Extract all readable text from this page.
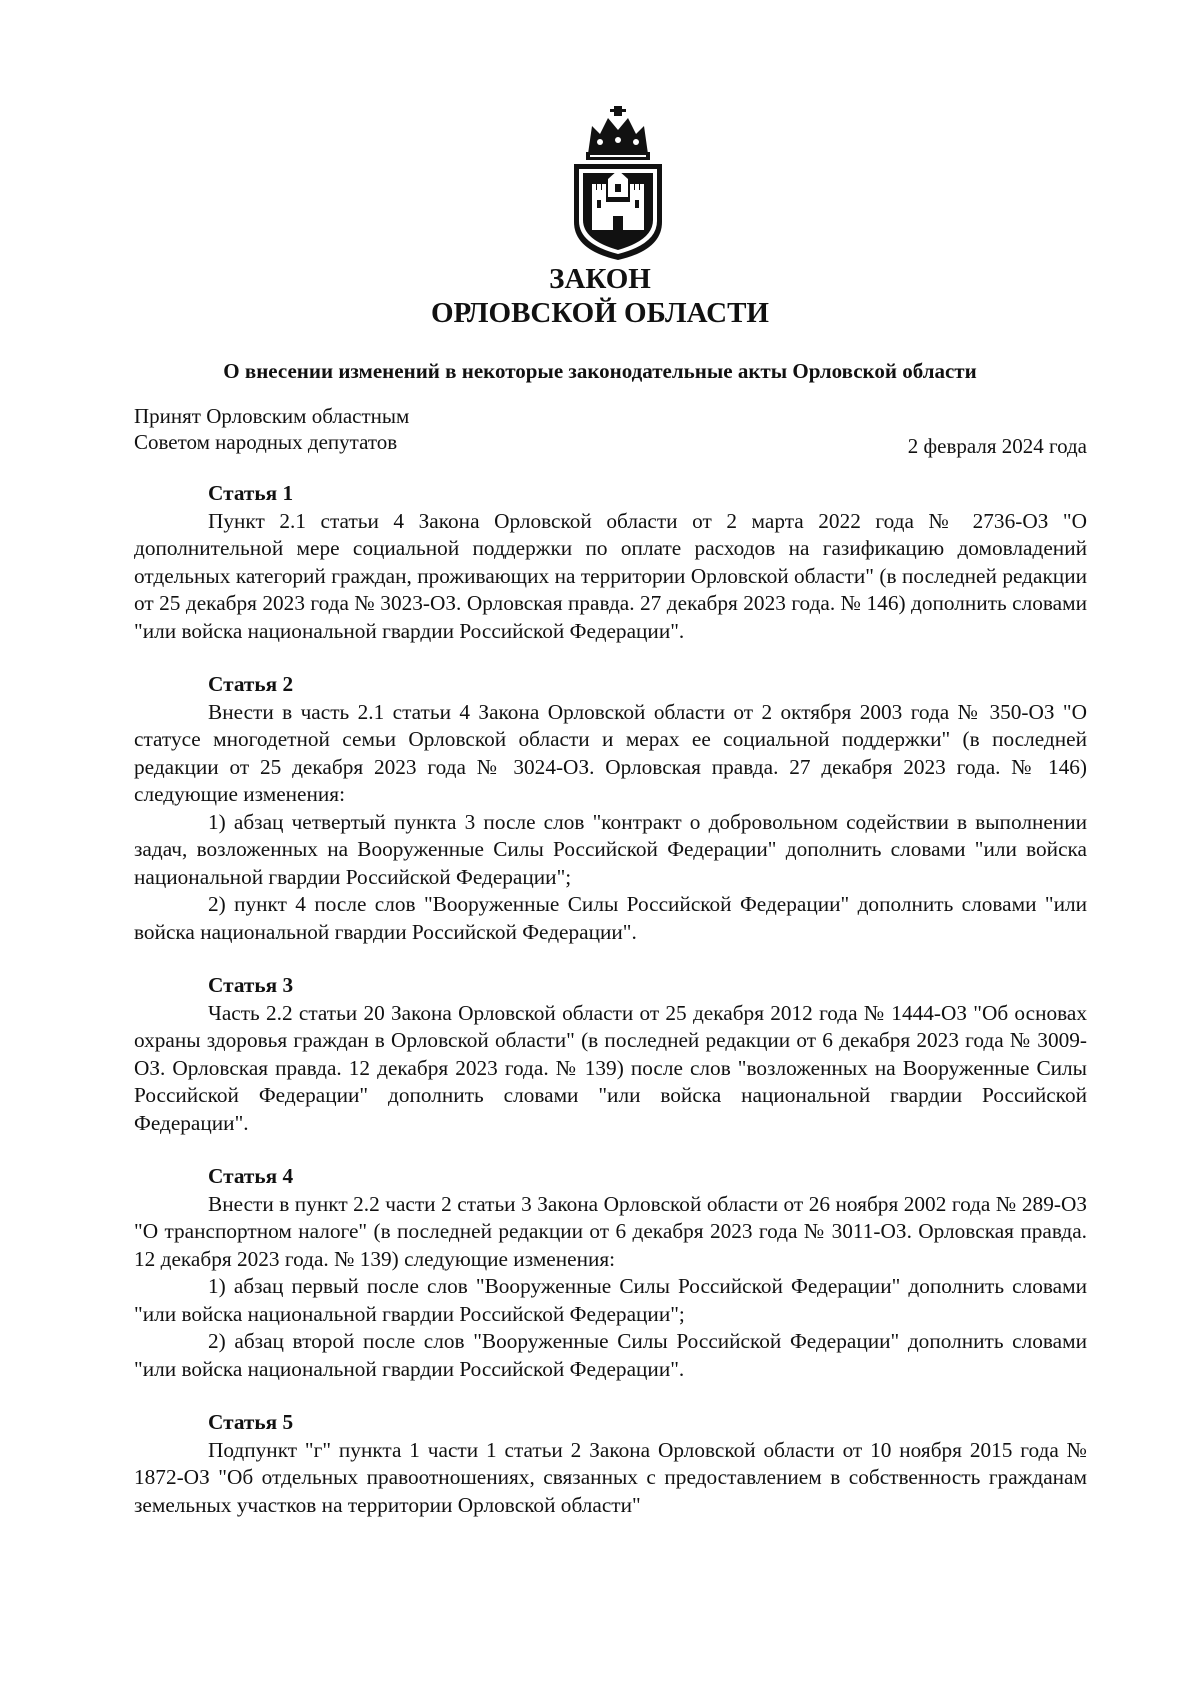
ЗАКОН
ОРЛОВСКОЙ ОБЛАСТИ
О внесении изменений в некоторые законодательные акты Орловской области
Принят Орловским областным
Советом народных депутатов	2 февраля 2024 года

Статья 1

Пункт 2.1 статьи 4 Закона Орловской области от 2 марта 2022 года № 2736-ОЗ "О дополнительной мере социальной поддержки по оплате расходов на газификацию домовладений отдельных категорий граждан, проживающих на территории Орловской области" (в последней редакции от 25 декабря 2023 года № 3023-ОЗ. Орловская правда. 27 декабря 2023 года. № 146) дополнить словами "или войска национальной гвардии Российской Федерации".

Статья 2

Внести в часть 2.1 статьи 4 Закона Орловской области от 2 октября 2003 года № 350-ОЗ "О статусе многодетной семьи Орловской области и мерах ее социальной поддержки" (в последней редакции от 25 декабря 2023 года № 3024-ОЗ. Орловская правда. 27 декабря 2023 года. № 146) следующие изменения:

1) абзац четвертый пункта 3 после слов "контракт о добровольном содействии в выполнении задач, возложенных на Вооруженные Силы Российской Федерации" дополнить словами "или войска национальной гвардии Российской Федерации";

2) пункт 4 после слов "Вооруженные Силы Российской Федерации" дополнить словами "или войска национальной гвардии Российской Федерации".

Статья 3

Часть 2.2 статьи 20 Закона Орловской области от 25 декабря 2012 года № 1444-ОЗ "Об основах охраны здоровья граждан в Орловской области" (в последней редакции от 6 декабря 2023 года № 3009-ОЗ. Орловская правда. 12 декабря 2023 года. № 139) после слов "возложенных на Вооруженные Силы Российской Федерации" дополнить словами "или войска национальной гвардии Российской Федерации".

Статья 4

Внести в пункт 2.2 части 2 статьи 3 Закона Орловской области от 26 ноября 2002 года № 289-ОЗ "О транспортном налоге" (в последней редакции от 6 декабря 2023 года № 3011-ОЗ. Орловская правда. 12 декабря 2023 года. № 139) следующие изменения:

1) абзац первый после слов "Вооруженные Силы Российской Федерации" дополнить словами "или войска национальной гвардии Российской Федерации";

2) абзац второй после слов "Вооруженные Силы Российской Федерации" дополнить словами "или войска национальной гвардии Российской Федерации".

Статья 5

Подпункт "г" пункта 1 части 1 статьи 2 Закона Орловской области от 10 ноября 2015 года № 1872-ОЗ "Об отдельных правоотношениях, связанных с предоставлением в собственность гражданам земельных участков на территории Орловской области"
